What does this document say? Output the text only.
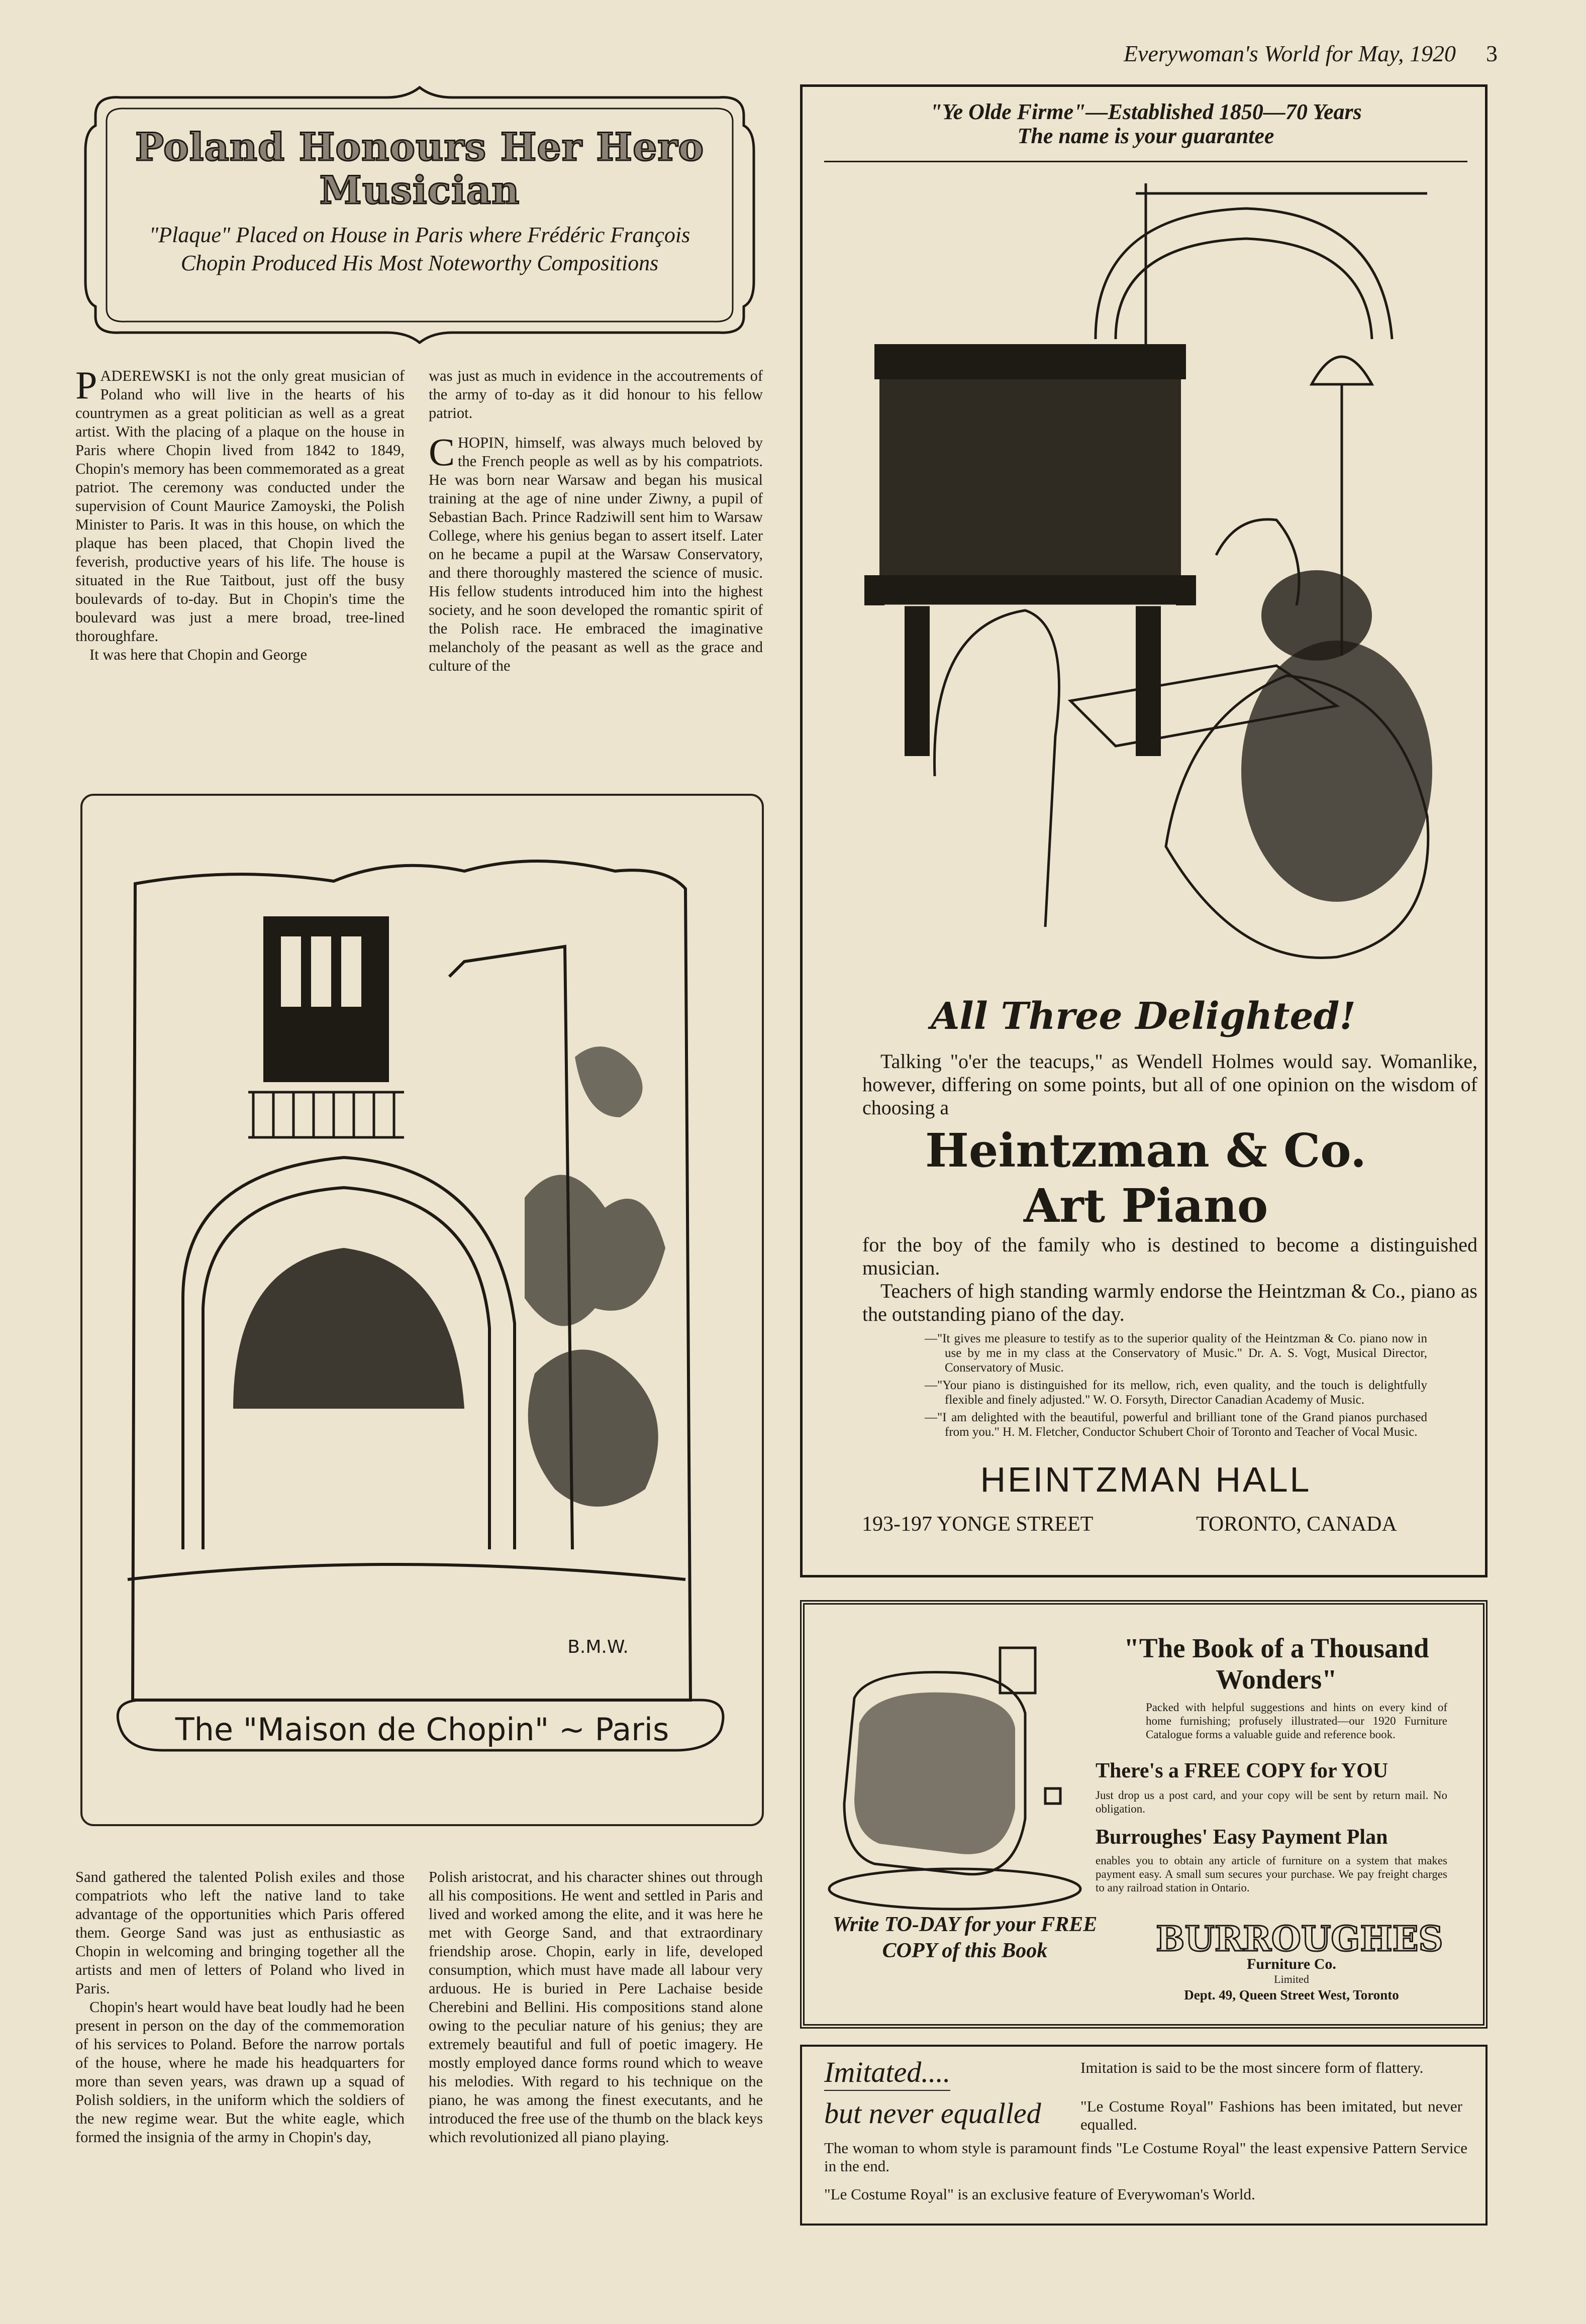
Everywoman's World for May, 1920 3
Poland Honours Her Hero Musician
"Plaque" Placed on House in Paris where Frédéric François Chopin Produced His Most Noteworthy Compositions

PADEREWSKI is not the only great musician of Poland who will live in the hearts of his countrymen as a great politician as well as a great artist. With the placing of a plaque on the house in Paris where Chopin lived from 1842 to 1849, Chopin's memory has been commemorated as a great patriot. The ceremony was conducted under the supervision of Count Maurice Zamoyski, the Polish Minister to Paris. It was in this house, on which the plaque has been placed, that Chopin lived the feverish, productive years of his life. The house is situated in the Rue Taitbout, just off the busy boulevards of to-day. But in Chopin's time the boulevard was just a mere broad, tree-lined thoroughfare.

It was here that Chopin and George

was just as much in evidence in the accoutrements of the army of to-day as it did honour to his fellow patriot.

CHOPIN, himself, was always much beloved by the French people as well as by his compatriots. He was born near Warsaw and began his musical training at the age of nine under Ziwny, a pupil of Sebastian Bach. Prince Radziwill sent him to Warsaw College, where his genius began to assert itself. Later on he became a pupil at the Warsaw Conservatory, and there thoroughly mastered the science of music. His fellow students introduced him into the highest society, and he soon developed the romantic spirit of the Polish race. He embraced the imaginative melancholy of the peasant as well as the grace and culture of the

B.M.W.
The "Maison de Chopin" ~ Paris

Sand gathered the talented Polish exiles and those compatriots who left the native land to take advantage of the opportunities which Paris offered them. George Sand was just as enthusiastic as Chopin in welcoming and bringing together all the artists and men of letters of Poland who lived in Paris.

Chopin's heart would have beat loudly had he been present in person on the day of the commemoration of his services to Poland. Before the narrow portals of the house, where he made his headquarters for more than seven years, was drawn up a squad of Polish soldiers, in the uniform which the soldiers of the new regime wear. But the white eagle, which formed the insignia of the army in Chopin's day,

Polish aristocrat, and his character shines out through all his compositions. He went and settled in Paris and lived and worked among the elite, and it was here he met with George Sand, and that extraordinary friendship arose. Chopin, early in life, developed consumption, which must have made all labour very arduous. He is buried in Pere Lachaise beside Cherebini and Bellini. His compositions stand alone owing to the peculiar nature of his genius; they are extremely beautiful and full of poetic imagery. He mostly employed dance forms round which to weave his melodies. With regard to his technique on the piano, he was among the finest executants, and he introduced the free use of the thumb on the black keys which revolutionized all piano playing.

"Ye Olde Firme"—Established 1850—70 Years
The name is your guarantee
All Three Delighted!

Talking "o'er the teacups," as Wendell Holmes would say. Womanlike, however, differing on some points, but all of one opinion on the wisdom of choosing a

Heintzman & Co.
Art Piano

for the boy of the family who is destined to become a distinguished musician.

Teachers of high standing warmly endorse the Heintzman & Co., piano as the outstanding piano of the day.

—"It gives me pleasure to testify as to the superior quality of the Heintzman & Co. piano now in use by me in my class at the Conservatory of Music." Dr. A. S. Vogt, Musical Director, Conservatory of Music.

—"Your piano is distinguished for its mellow, rich, even quality, and the touch is delightfully flexible and finely adjusted." W. O. Forsyth, Director Canadian Academy of Music.

—"I am delighted with the beautiful, powerful and brilliant tone of the Grand pianos purchased from you." H. M. Fletcher, Conductor Schubert Choir of Toronto and Teacher of Vocal Music.

HEINTZMAN HALL
193-197 YONGE STREET	TORONTO, CANADA
Write TO-DAY for your FREE COPY of this Book
"The Book of a Thousand Wonders"
Packed with helpful suggestions and hints on every kind of home furnishing; profusely illustrated—our 1920 Furniture Catalogue forms a valuable guide and reference book.
There's a FREE COPY for YOU
Just drop us a post card, and your copy will be sent by return mail. No obligation.
Burroughes' Easy Payment Plan
enables you to obtain any article of furniture on a system that makes payment easy. A small sum secures your purchase. We pay freight charges to any railroad station in Ontario.
BURROUGHES
Furniture Co.
Limited
Dept. 49, Queen Street West, Toronto
Imitated....
but never equalled
Imitation is said to be the most sincere form of flattery.
"Le Costume Royal" Fashions has been imitated, but never equalled.
The woman to whom style is paramount finds "Le Costume Royal" the least expensive Pattern Service in the end.
"Le Costume Royal" is an exclusive feature of Everywoman's World.
